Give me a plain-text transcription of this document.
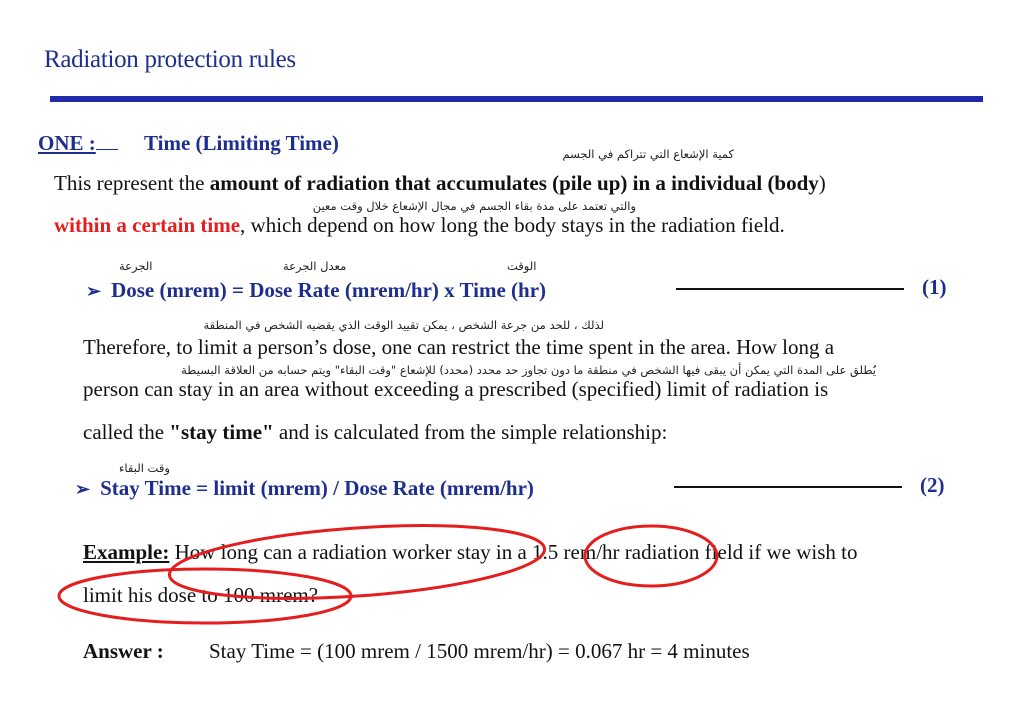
Radiation protection rules
ONE :	Time (Limiting Time)	كمية الإشعاع التي تتراكم في الجسم
This represent the amount of radiation that accumulates (pile up) in a individual (body)
والتي تعتمد على مدة بقاء الجسم في مجال الإشعاع خلال وقت معين
within a certain time, which depend on how long the body stays in the radiation field.
الجرعة	معدل الجرعة	الوقت
➢ Dose (mrem) = Dose Rate (mrem/hr) x Time (hr)	(1)
لذلك ، للحد من جرعة الشخص ، يمكن تقييد الوقت الذي يقضيه الشخص في المنطقة
Therefore, to limit a person’s dose, one can restrict the time spent in the area. How long a
يُطلق على المدة التي يمكن أن يبقى فيها الشخص في منطقة ما دون تجاوز حد محدد (محدد) للإشعاع "وقت البقاء" ويتم حسابه من العلاقة البسيطة
person can stay in an area without exceeding a prescribed (specified) limit of radiation is
called the "stay time" and is calculated from the simple relationship:
وقت البقاء
➢ Stay Time = limit (mrem) / Dose Rate (mrem/hr)	(2)
Example: How long can a radiation worker stay in a 1.5 rem/hr radiation field if we wish to
limit his dose to 100 mrem?
Answer : Stay Time = (100 mrem / 1500 mrem/hr) = 0.067 hr = 4 minutes
